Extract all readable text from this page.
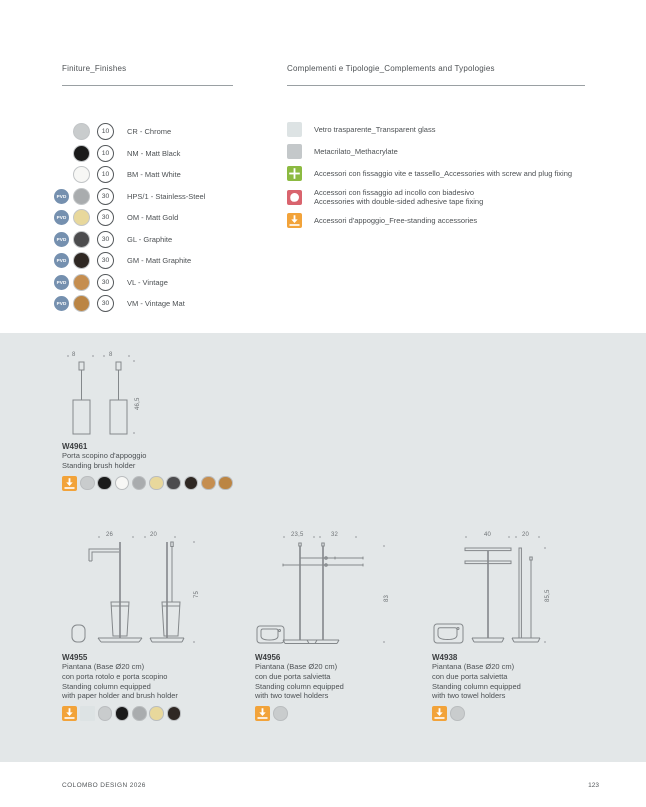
Finiture_Finishes	Complementi e Tipologie_Complements and Typologies
10 CR - Chrome
10 NM - Matt Black
10 BM - Matt White
PVD	30 HPS/1 - Stainless-Steel
PVD	30 OM - Matt Gold
PVD	30 GL - Graphite
PVD	30 GM - Matt Graphite
PVD	30 VL - Vintage
PVD	30 VM - Vintage Mat
Vetro trasparente_Transparent glass
Metacrilato_Methacrylate
Accessori con fissaggio vite e tassello_Accessories with screw and plug fixing
Accessori con fissaggio ad incollo con biadesivo
Accessories with double-sided adhesive tape fixing
Accessori d'appoggio_Free-standing accessories
8	8
46,5
W4961
Porta scopino d'appoggio
Standing brush holder
26	20
75
W4955
Piantana (Base Ø20 cm)
con porta rotolo e porta scopino
Standing column equipped
with paper holder and brush holder
23,5	32
83
W4956
Piantana (Base Ø20 cm)
con due porta salvietta
Standing column equipped
with two towel holders
40	20
85,5
W4938
Piantana (Base Ø20 cm)
con due porta salvietta
Standing column equipped
with two towel holders
COLOMBO DESIGN 2026	123
